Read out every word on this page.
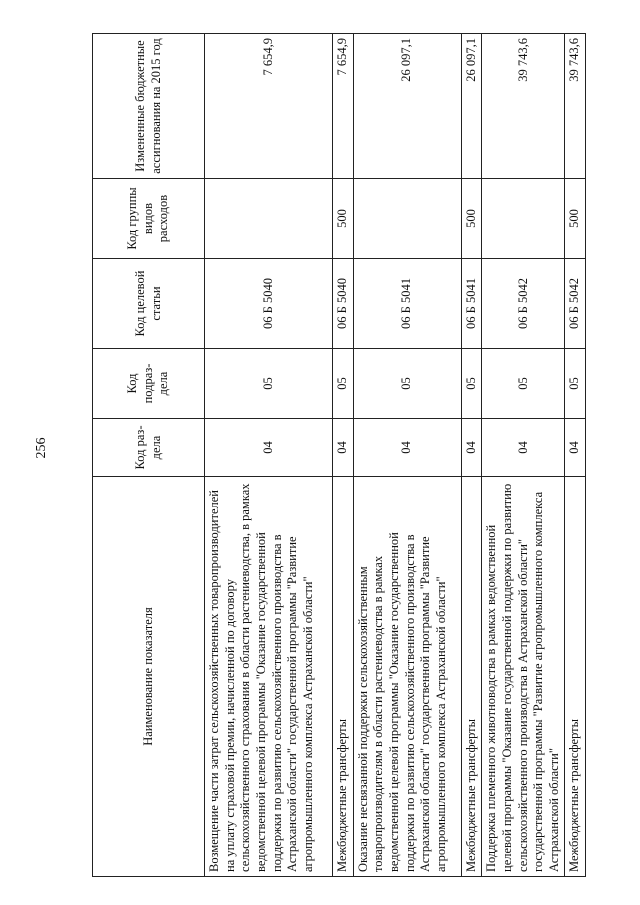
256
Наименование показателя	Код раз-дела	Код подраз-дела	Код целевой статьи	Код группы видов расходов	Измененные бюджетные ассигнования на 2015 год
Возмещение части затрат сельскохозяйственных товаропроизводителей на уплату страховой премии, начисленной по договору сельскохозяйственного страхования в области растениеводства, в рамках ведомственной целевой программы "Оказание государственной поддержки по развитию сельскохозяйственного производства в Астраханской области" государственной программы "Развитие агропромышленного комплекса Астраханской области"	04	05	06 Б 5040		7 654,9
Межбюджетные трансферты	04	05	06 Б 5040	500	7 654,9
Оказание несвязанной поддержки сельскохозяйственным товаропроизводителям в области растениеводства в рамках ведомственной целевой программы "Оказание государственной поддержки по развитию сельскохозяйственного производства в Астраханской области" государственной программы "Развитие агропромышленного комплекса Астраханской области"	04	05	06 Б 5041		26 097,1
Межбюджетные трансферты	04	05	06 Б 5041	500	26 097,1
Поддержка племенного животноводства в рамках ведомственной целевой программы "Оказание государственной поддержки по развитию сельскохозяйственного производства в Астраханской области" государственной программы "Развитие агропромышленного комплекса Астраханской области"	04	05	06 Б 5042		39 743,6
Межбюджетные трансферты	04	05	06 Б 5042	500	39 743,6
